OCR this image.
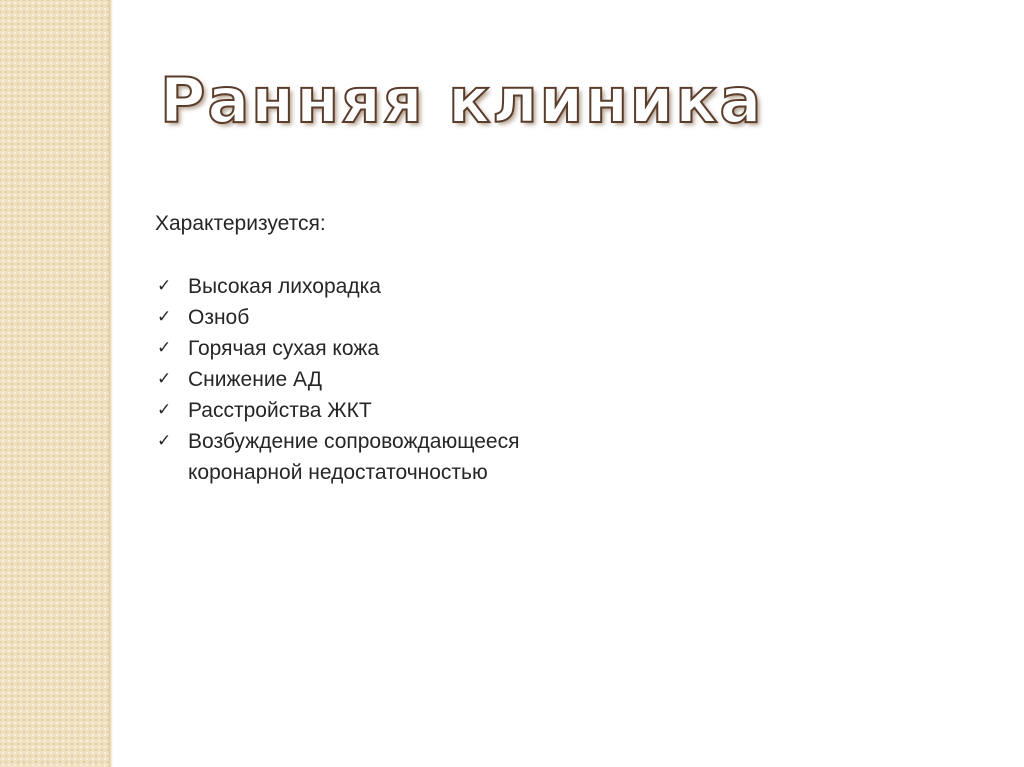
Ранняя клиника

Характеризуется:

✓ Высокая лихорадка
✓ Озноб
✓ Горячая сухая кожа
✓ Снижение АД
✓ Расстройства ЖКТ
✓ Возбуждение сопровождающееся коронарной недостаточностью
